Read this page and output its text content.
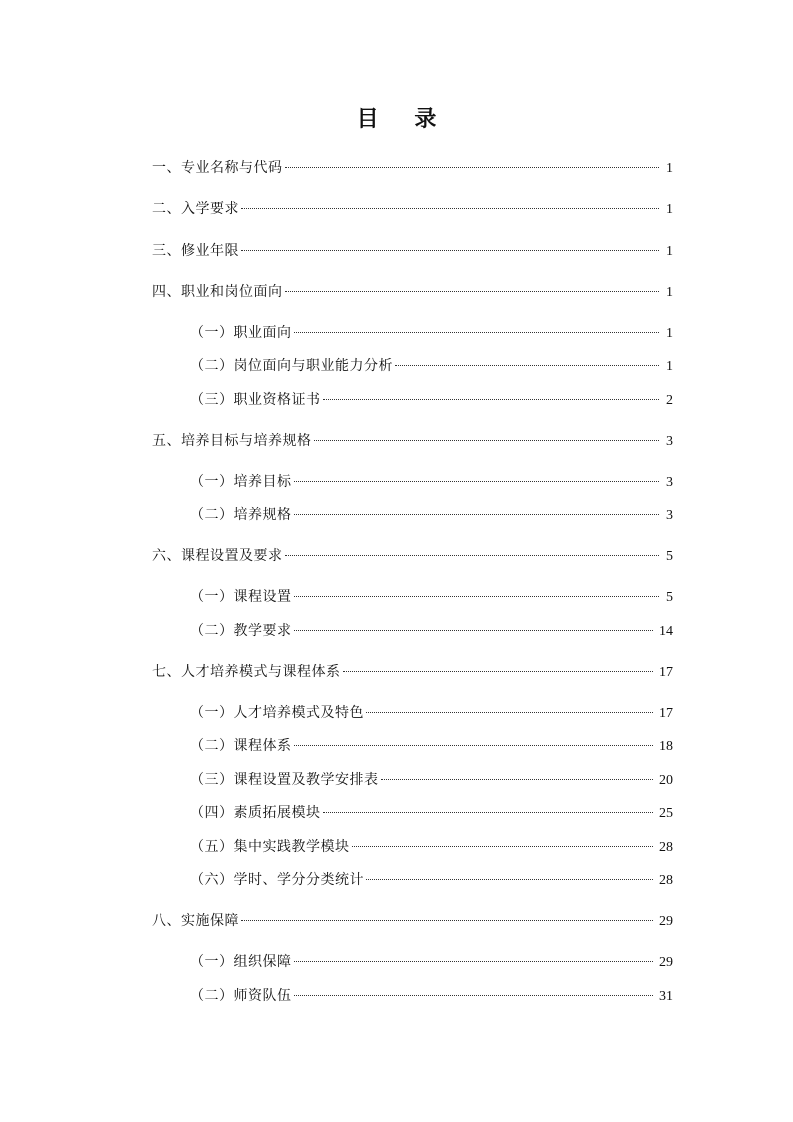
目 录
一、专业名称与代码	1
二、入学要求	1
三、修业年限	1
四、职业和岗位面向	1
（一）职业面向	1
（二）岗位面向与职业能力分析	1
（三）职业资格证书	2
五、培养目标与培养规格	3
（一）培养目标	3
（二）培养规格	3
六、课程设置及要求	5
（一）课程设置	5
（二）教学要求	14
七、人才培养模式与课程体系	17
（一）人才培养模式及特色	17
（二）课程体系	18
（三）课程设置及教学安排表	20
（四）素质拓展模块	25
（五）集中实践教学模块	28
（六）学时、学分分类统计	28
八、实施保障	29
（一）组织保障	29
（二）师资队伍	31
